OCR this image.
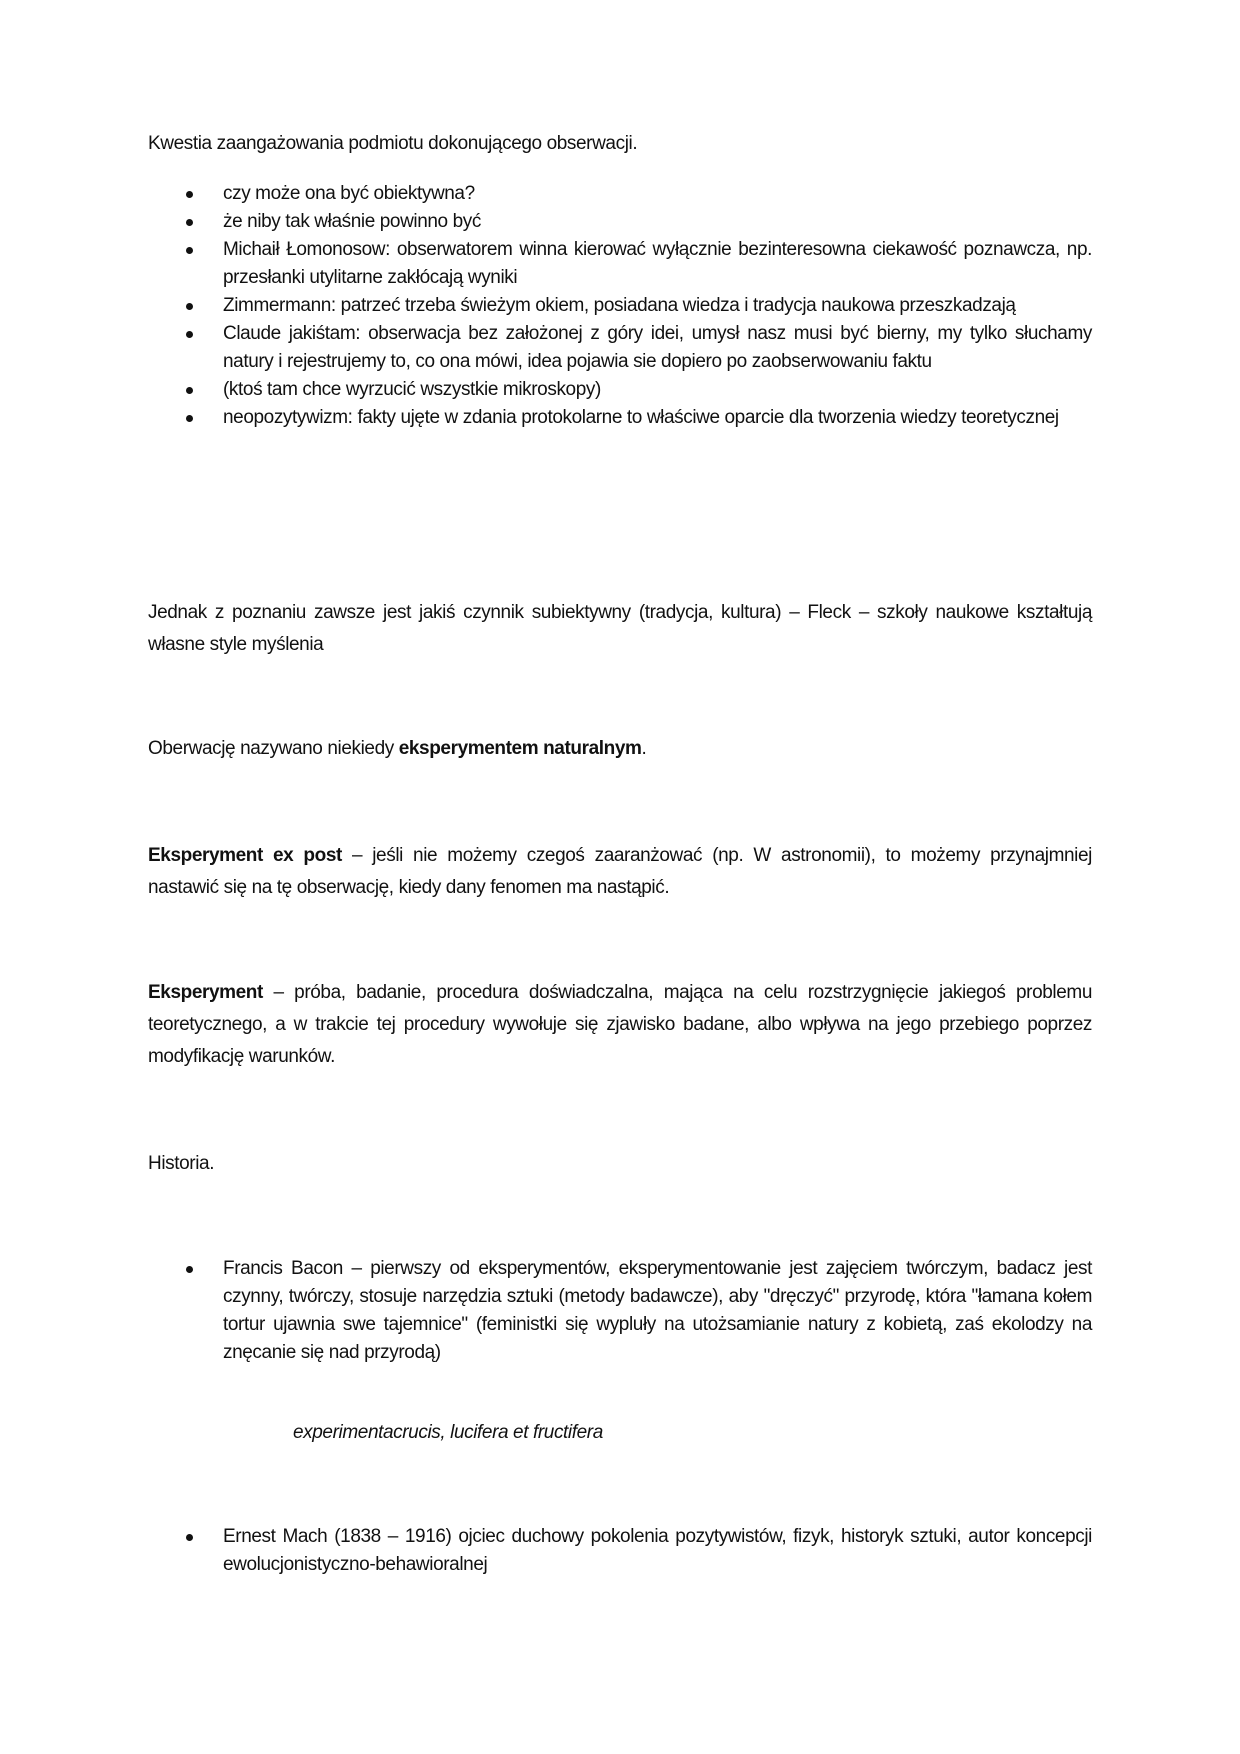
Kwestia zaangażowania podmiotu dokonującego obserwacji.
czy może ona być obiektywna?
że niby tak właśnie powinno być
Michaił Łomonosow: obserwatorem winna kierować wyłącznie bezinteresowna ciekawość poznawcza, np. przesłanki utylitarne zakłócają wyniki
Zimmermann: patrzeć trzeba świeżym okiem, posiadana wiedza i tradycja naukowa przeszkadzają
Claude jakiśtam: obserwacja bez założonej z góry idei, umysł nasz musi być bierny, my tylko słuchamy natury i rejestrujemy to, co ona mówi, idea pojawia sie dopiero po zaobserwowaniu faktu
(ktoś tam chce wyrzucić wszystkie mikroskopy)
neopozytywizm: fakty ujęte w zdania protokolarne to właściwe oparcie dla tworzenia wiedzy teoretycznej
Jednak z poznaniu zawsze jest jakiś czynnik subiektywny (tradycja, kultura) – Fleck – szkoły naukowe kształtują własne style myślenia
Oberwację nazywano niekiedy eksperymentem naturalnym.
Eksperyment ex post – jeśli nie możemy czegoś zaaranżować (np. W astronomii), to możemy przynajmniej nastawić się na tę obserwację, kiedy dany fenomen ma nastąpić.
Eksperyment – próba, badanie, procedura doświadczalna, mająca na celu rozstrzygnięcie jakiegoś problemu teoretycznego, a w trakcie tej procedury wywołuje się zjawisko badane, albo wpływa na jego przebiego poprzez modyfikację warunków.
Historia.
Francis Bacon – pierwszy od eksperymentów, eksperymentowanie jest zajęciem twórczym, badacz jest czynny, twórczy, stosuje narzędzia sztuki (metody badawcze), aby "dręczyć" przyrodę, która "łamana kołem tortur ujawnia swe tajemnice" (feministki się wypluły na utożsamianie natury z kobietą, zaś ekolodzy na znęcanie się nad przyrodą)
experimentacrucis, lucifera et fructifera
Ernest Mach (1838 – 1916) ojciec duchowy pokolenia pozytywistów, fizyk, historyk sztuki, autor koncepcji ewolucjonistyczno-behawioralnej
